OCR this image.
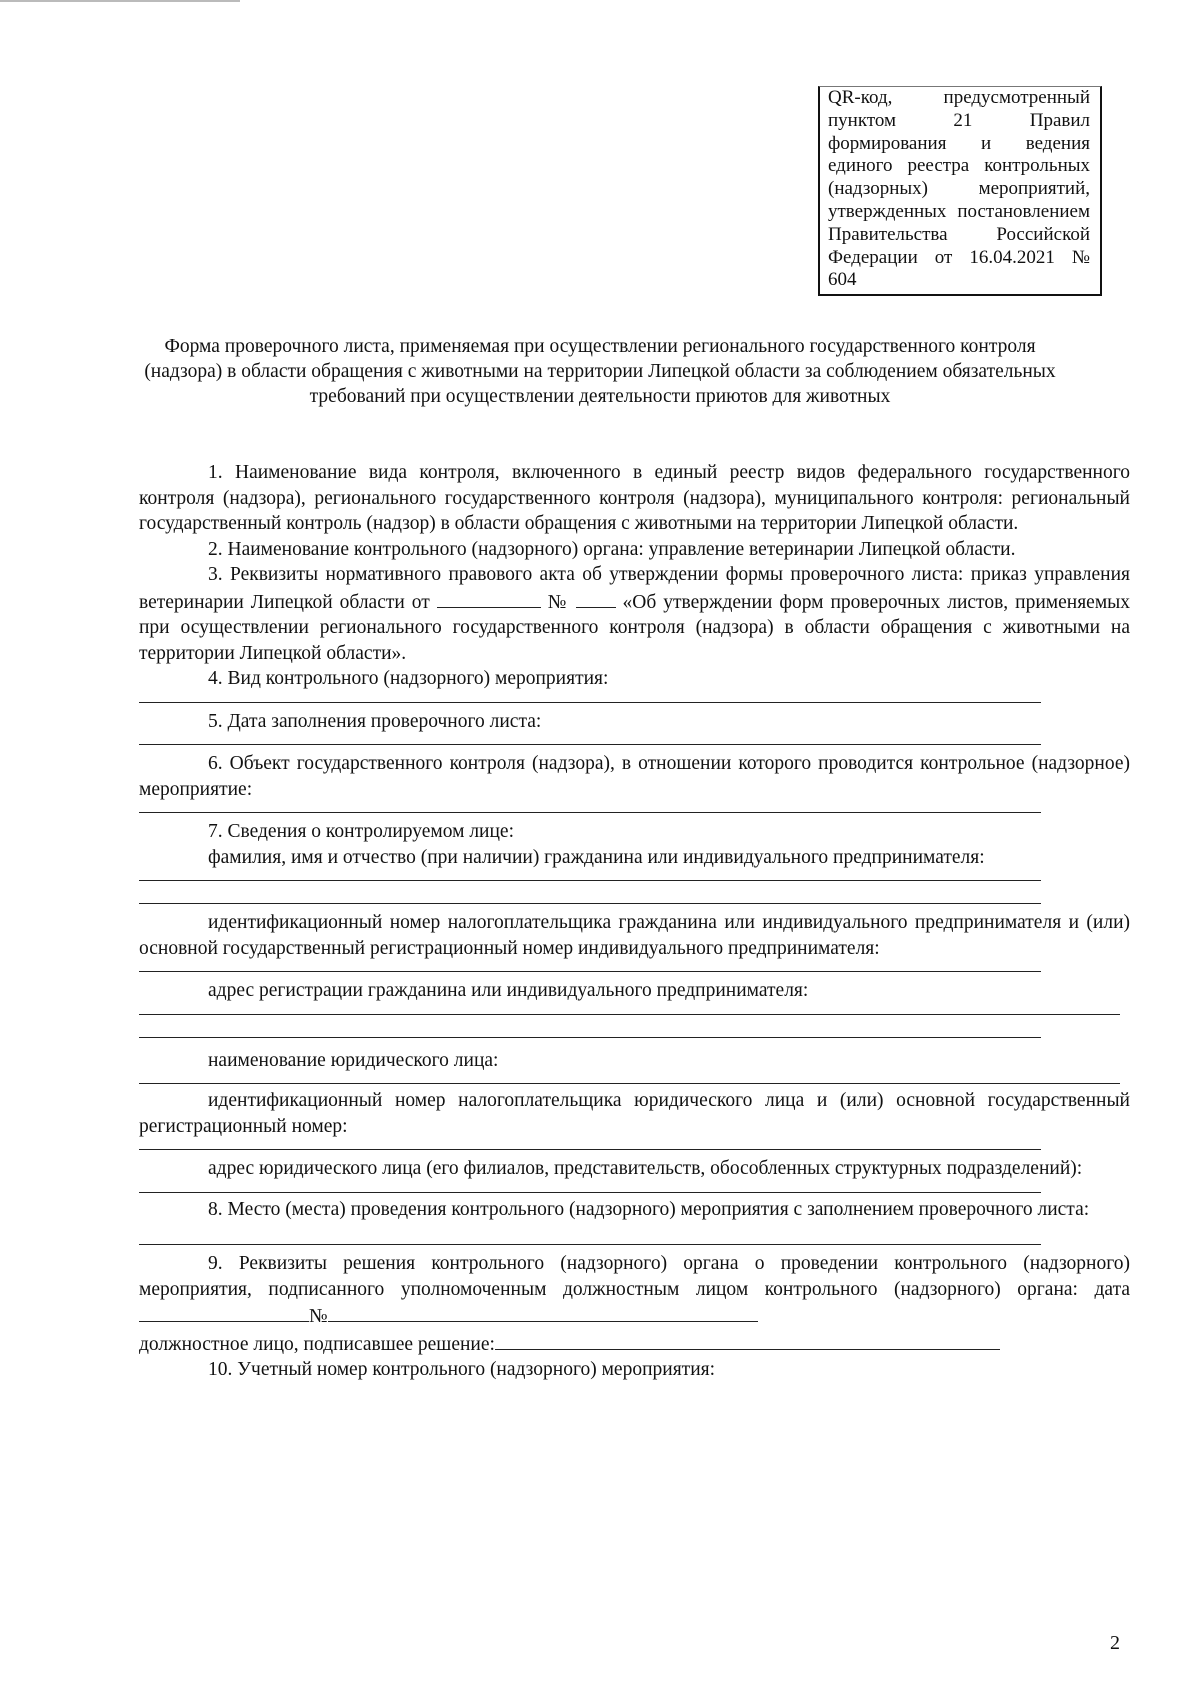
QR-код, предусмотренный
пунктом 21 Правил
формирования и ведения
единого реестра контрольных
(надзорных) мероприятий,
утвержденных постановлением
Правительства Российской
Федерации от 16.04.2021 №
604
Форма проверочного листа, применяемая при осуществлении регионального государственного контроля (надзора) в области обращения с животными на территории Липецкой области за соблюдением обязательных требований при осуществлении деятельности приютов для животных

1. Наименование вида контроля, включенного в единый реестр видов федерального государственного контроля (надзора), регионального государственного контроля (надзора), муниципального контроля: региональный государственный контроль (надзор) в области обращения с животными на территории Липецкой области.

2. Наименование контрольного (надзорного) органа: управление ветеринарии Липецкой области.

3. Реквизиты нормативного правового акта об утверждении формы проверочного листа: приказ управления ветеринарии Липецкой области от	№	«Об утверждении форм проверочных листов, применяемых при осуществлении регионального государственного контроля (надзора) в области обращения с животными на территории Липецкой области».

4. Вид контрольного (надзорного) мероприятия:

5. Дата заполнения проверочного листа:

6. Объект государственного контроля (надзора), в отношении которого проводится контрольное (надзорное) мероприятие:

7. Сведения о контролируемом лице:

фамилия, имя и отчество (при наличии) гражданина или индивидуального предпринимателя:

идентификационный номер налогоплательщика гражданина или индивидуального предпринимателя и (или) основной государственный регистрационный номер индивидуального предпринимателя:

адрес регистрации гражданина или индивидуального предпринимателя:

наименование юридического лица:

идентификационный номер налогоплательщика юридического лица и (или) основной государственный регистрационный номер:

адрес юридического лица (его филиалов, представительств, обособленных структурных подразделений):

8. Место (места) проведения контрольного (надзорного) мероприятия с заполнением проверочного листа:

9. Реквизиты решения контрольного (надзорного) органа о проведении контрольного (надзорного) мероприятия, подписанного уполномоченным должностным лицом контрольного (надзорного) органа: дата№

должностное лицо, подписавшее решение:

10. Учетный номер контрольного (надзорного) мероприятия:

2
